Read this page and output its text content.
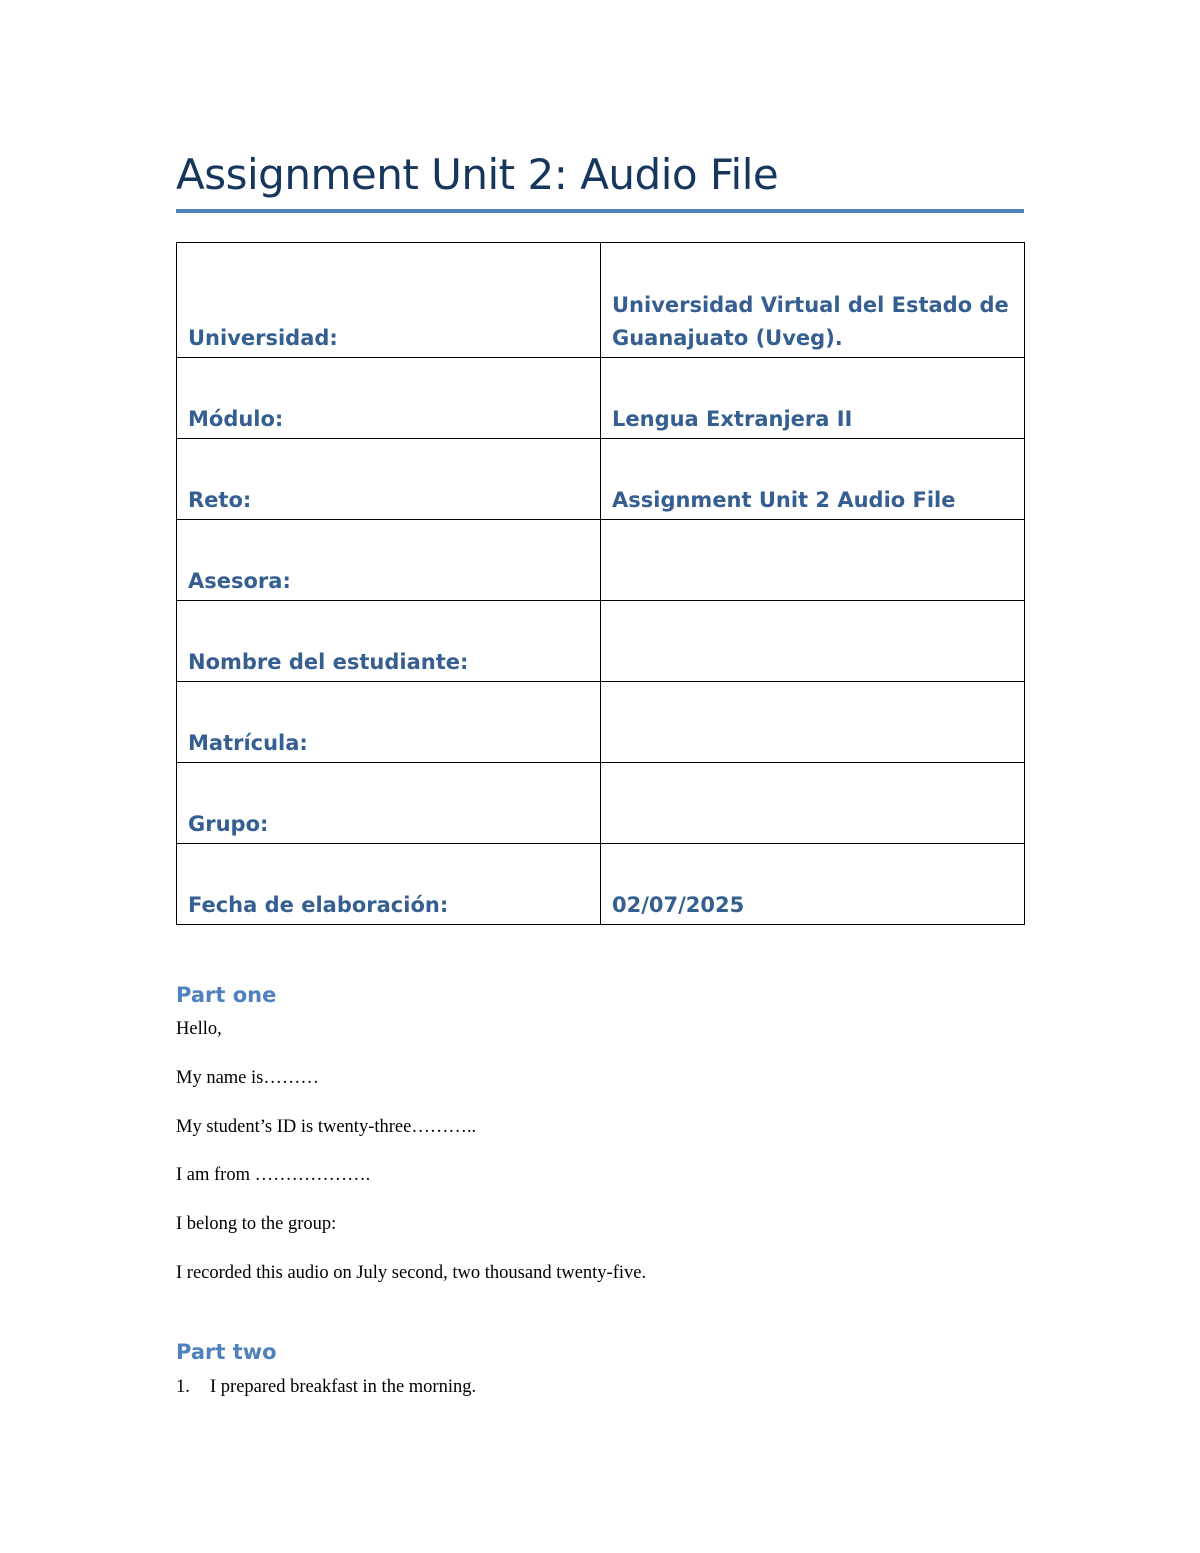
Assignment Unit 2: Audio File
Universidad:	Universidad Virtual del Estado de Guanajuato (Uveg).

Módulo:	Lengua Extranjera II

Reto:	Assignment Unit 2 Audio File

Asesora:	

Nombre del estudiante:	

Matrícula:	

Grupo:	

Fecha de elaboración:	02/07/2025
Part one

Hello,

My name is………

My student’s ID is twenty-three………..

I am from ……………….

I belong to the group:

I recorded this audio on July second, two thousand twenty-five.

Part two

1. I prepared breakfast in the morning.
